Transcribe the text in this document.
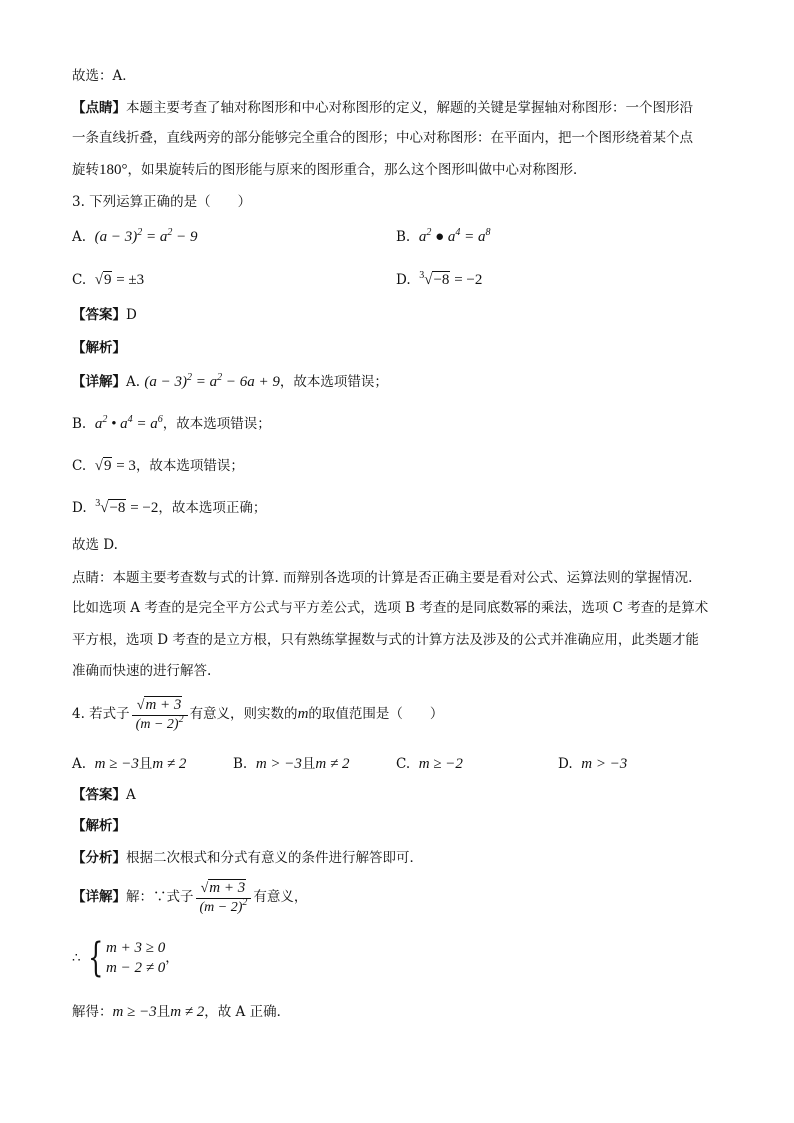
故选：A．
【点睛】本题主要考查了轴对称图形和中心对称图形的定义，解题的关键是掌握轴对称图形：一个图形沿
一条直线折叠，直线两旁的部分能够完全重合的图形；中心对称图形：在平面内，把一个图形绕着某个点
旋转180°，如果旋转后的图形能与原来的图形重合，那么这个图形叫做中心对称图形．
3. 下列运算正确的是（　　）
A. $(a - 3)^2 = a^2 - 9$	B. $a^2$ ● $a^4 = a^8$
C. √9 = ±3	D. $^3$√−8 = −2
【答案】D
【解析】
【详解】A. $(a - 3)^2 = a^2 - 6a + 9$，故本选项错误；
B. $a^2$ • $a^4 = a^6$，故本选项错误；
C. √9 = 3，故本选项错误；
D. $^3$√−8 = −2，故本选项正确；
故选 D.
点睛：本题主要考查数与式的计算. 而辩别各选项的计算是否正确主要是看对公式、运算法则的掌握情况.
比如选项 A 考查的是完全平方公式与平方差公式，选项 B 考查的是同底数幂的乘法，选项 C 考查的是算术
平方根，选项 D 考查的是立方根，只有熟练掌握数与式的计算方法及涉及的公式并准确应用，此类题才能
准确而快速的进行解答.
4. 若式子 $\frac{√m + 3}{(m - 2)^2}$ 有意义，则实数的m的取值范围是（　　）
A. m ≥ −3且m ≠ 2	B. m > −3且m ≠ 2	C. m ≥ −2	D. m > −3
【答案】A
【解析】
【分析】根据二次根式和分式有意义的条件进行解答即可．
【详解】解：∵式子 $\frac{√m + 3}{(m - 2)^2}$ 有意义，
∴ { m + 3 ≥ 0
m − 2 ≠ 0
，
解得：m ≥ −3且m ≠ 2，故 A 正确．
